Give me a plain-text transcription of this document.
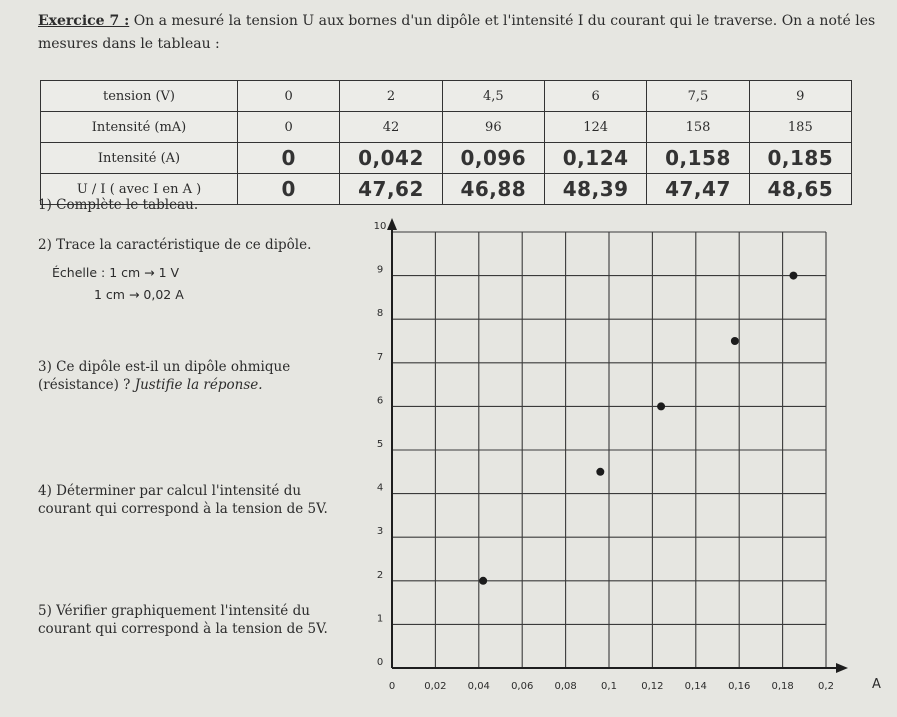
Exercice 7 : On a mesuré la tension U aux bornes d'un dipôle et l'intensité I du courant qui le traverse. On a noté les mesures dans le tableau :
tension (V)	0	2	4,5	6	7,5	9
Intensité (mA)	0	42	96	124	158	185
Intensité (A)	0	0,042	0,096	0,124	0,158	0,185
U / I ( avec I en A )	0	47,62	46,88	48,39	47,47	48,65
1) Complète le tableau.
2) Trace la caractéristique de ce dipôle.
Échelle : 1 cm → 1 V
1 cm → 0,02 A
3) Ce dipôle est-il un dipôle ohmique
(résistance) ? Justifie la réponse.
4) Déterminer par calcul l'intensité du
courant qui correspond à la tension de 5V.
5) Vérifier graphiquement l'intensité du
courant qui correspond à la tension de 5V.
0	0,02 0,04 0,06 0,08 0,1 0,12 0,14 0,16 0,18 0,2
0
1
2
3
4
5
6
7
8
9
10
A
